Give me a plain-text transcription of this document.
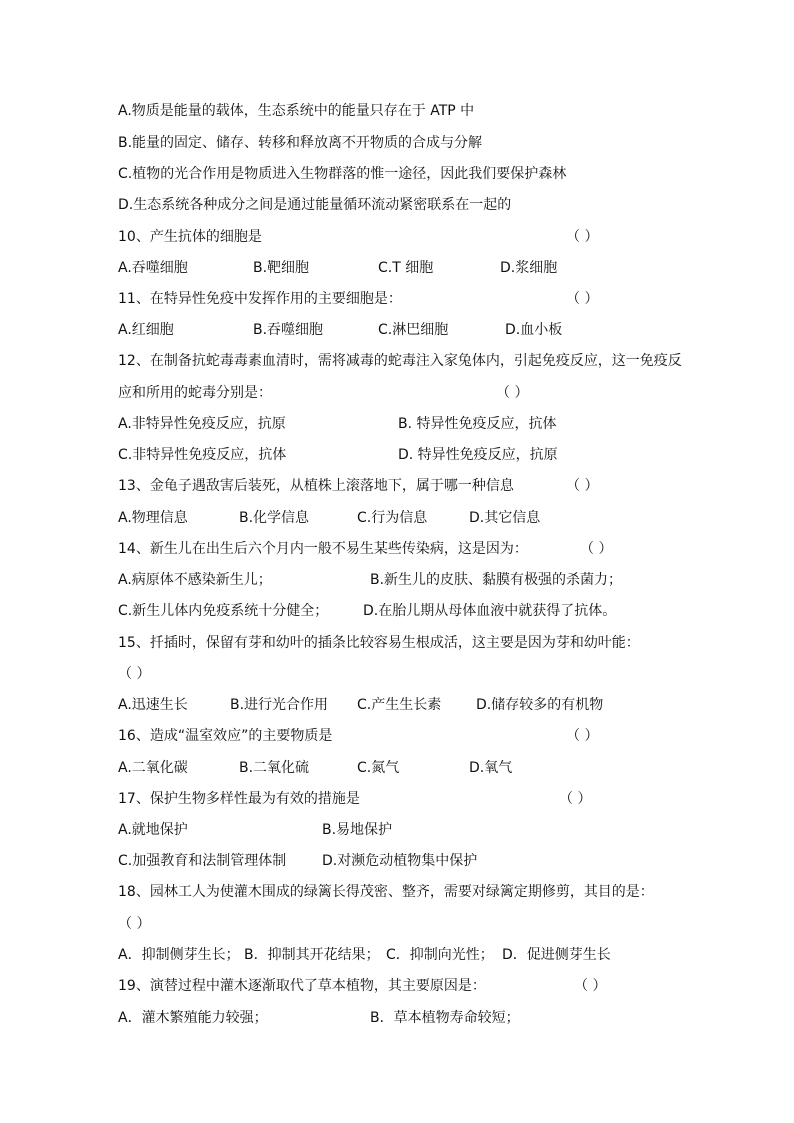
A.物质是能量的载体，生态系统中的能量只存在于 ATP 中
B.能量的固定、储存、转移和释放离不开物质的合成与分解
C.植物的光合作用是物质进入生物群落的惟一途径，因此我们要保护森林
D.生态系统各种成分之间是通过能量循环流动紧密联系在一起的
10、产生抗体的细胞是	（ ）
A.吞噬细胞	B.靶细胞	C.T 细胞	D.浆细胞
11、在特异性免疫中发挥作用的主要细胞是：	（ ）
A.红细胞	B.吞噬细胞	C.淋巴细胞	D.血小板
12、在制备抗蛇毒毒素血清时，需将减毒的蛇毒注入家兔体内，引起免疫反应，这一免疫反
应和所用的蛇毒分别是：	（ ）
A.非特异性免疫反应，抗原	B. 特异性免疫反应，抗体
C.非特异性免疫反应，抗体	D. 特异性免疫反应，抗原
13、金龟子遇敌害后装死，从植株上滚落地下，属于哪一种信息	（ ）
A.物理信息	B.化学信息	C.行为信息	D.其它信息
14、新生儿在出生后六个月内一般不易生某些传染病，这是因为：	（ ）
A.病原体不感染新生儿；	B.新生儿的皮肤、黏膜有极强的杀菌力；
C.新生儿体内免疫系统十分健全； D.在胎儿期从母体血液中就获得了抗体。
15、扦插时，保留有芽和幼叶的插条比较容易生根成活，这主要是因为芽和幼叶能：
（ ）
A.迅速生长	B.进行光合作用 C.产生生长素 D.储存较多的有机物
16、造成“温室效应”的主要物质是	（ ）
A.二氧化碳	B.二氧化硫	C.氮气	D.氧气
17、保护生物多样性最为有效的措施是	（ ）
A.就地保护	B.易地保护
C.加强教育和法制管理体制	D.对濒危动植物集中保护
18、园林工人为使灌木围成的绿篱长得茂密、整齐，需要对绿篱定期修剪，其目的是：
（ ）
A．抑制侧芽生长； B．抑制其开花结果； C．抑制向光性； D．促进侧芽生长
19、演替过程中灌木逐渐取代了草本植物，其主要原因是：	（ ）
A．灌木繁殖能力较强；	B．草本植物寿命较短；
